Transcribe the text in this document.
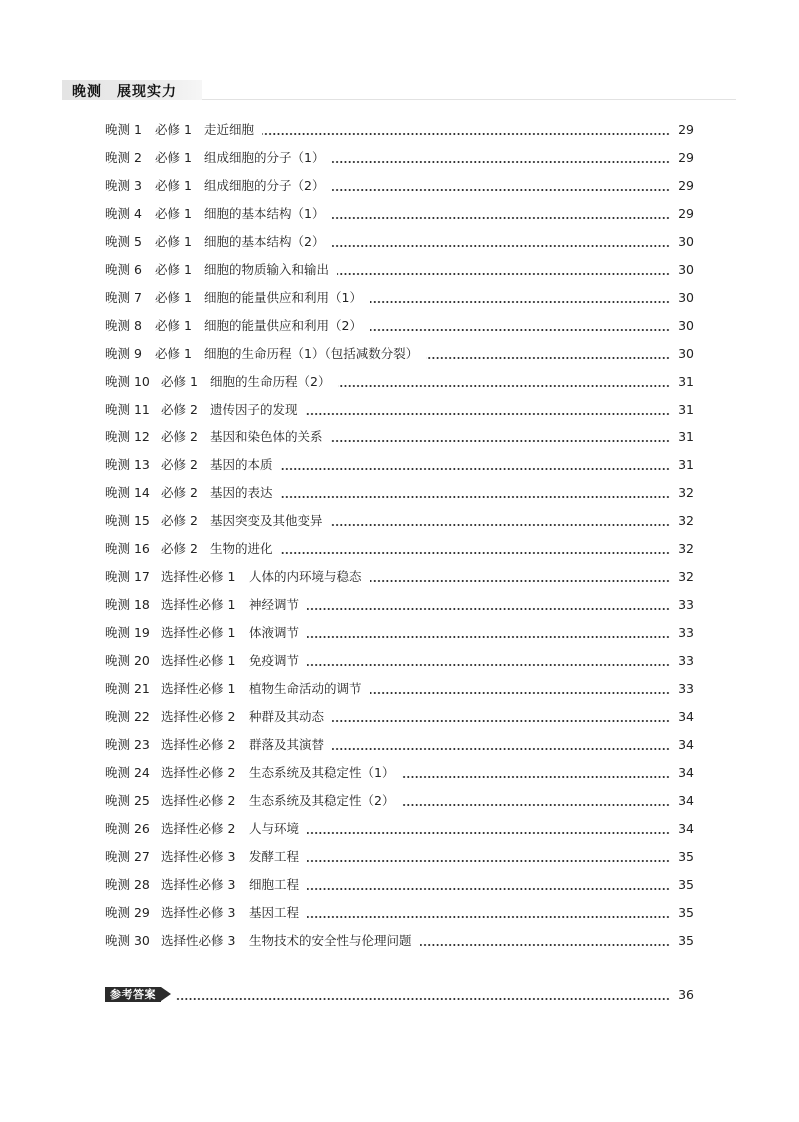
晚测　展现实力
晚测 1 必修 1 走近细胞	29
晚测 2 必修 1 组成细胞的分子（1）	29
晚测 3 必修 1 组成细胞的分子（2）	29
晚测 4 必修 1 细胞的基本结构（1）	29
晚测 5 必修 1 细胞的基本结构（2）	30
晚测 6 必修 1 细胞的物质输入和输出	30
晚测 7 必修 1 细胞的能量供应和利用（1）	30
晚测 8 必修 1 细胞的能量供应和利用（2）	30
晚测 9 必修 1 细胞的生命历程（1）（包括减数分裂）	30
晚测 10 必修 1 细胞的生命历程（2）	31
晚测 11 必修 2 遗传因子的发现	31
晚测 12 必修 2 基因和染色体的关系	31
晚测 13 必修 2 基因的本质	31
晚测 14 必修 2 基因的表达	32
晚测 15 必修 2 基因突变及其他变异	32
晚测 16 必修 2 生物的进化	32
晚测 17 选择性必修 1 人体的内环境与稳态	32
晚测 18 选择性必修 1 神经调节	33
晚测 19 选择性必修 1 体液调节	33
晚测 20 选择性必修 1 免疫调节	33
晚测 21 选择性必修 1 植物生命活动的调节	33
晚测 22 选择性必修 2 种群及其动态	34
晚测 23 选择性必修 2 群落及其演替	34
晚测 24 选择性必修 2 生态系统及其稳定性（1）	34
晚测 25 选择性必修 2 生态系统及其稳定性（2）	34
晚测 26 选择性必修 2 人与环境	34
晚测 27 选择性必修 3 发酵工程	35
晚测 28 选择性必修 3 细胞工程	35
晚测 29 选择性必修 3 基因工程	35
晚测 30 选择性必修 3 生物技术的安全性与伦理问题	35
参考答案	36
